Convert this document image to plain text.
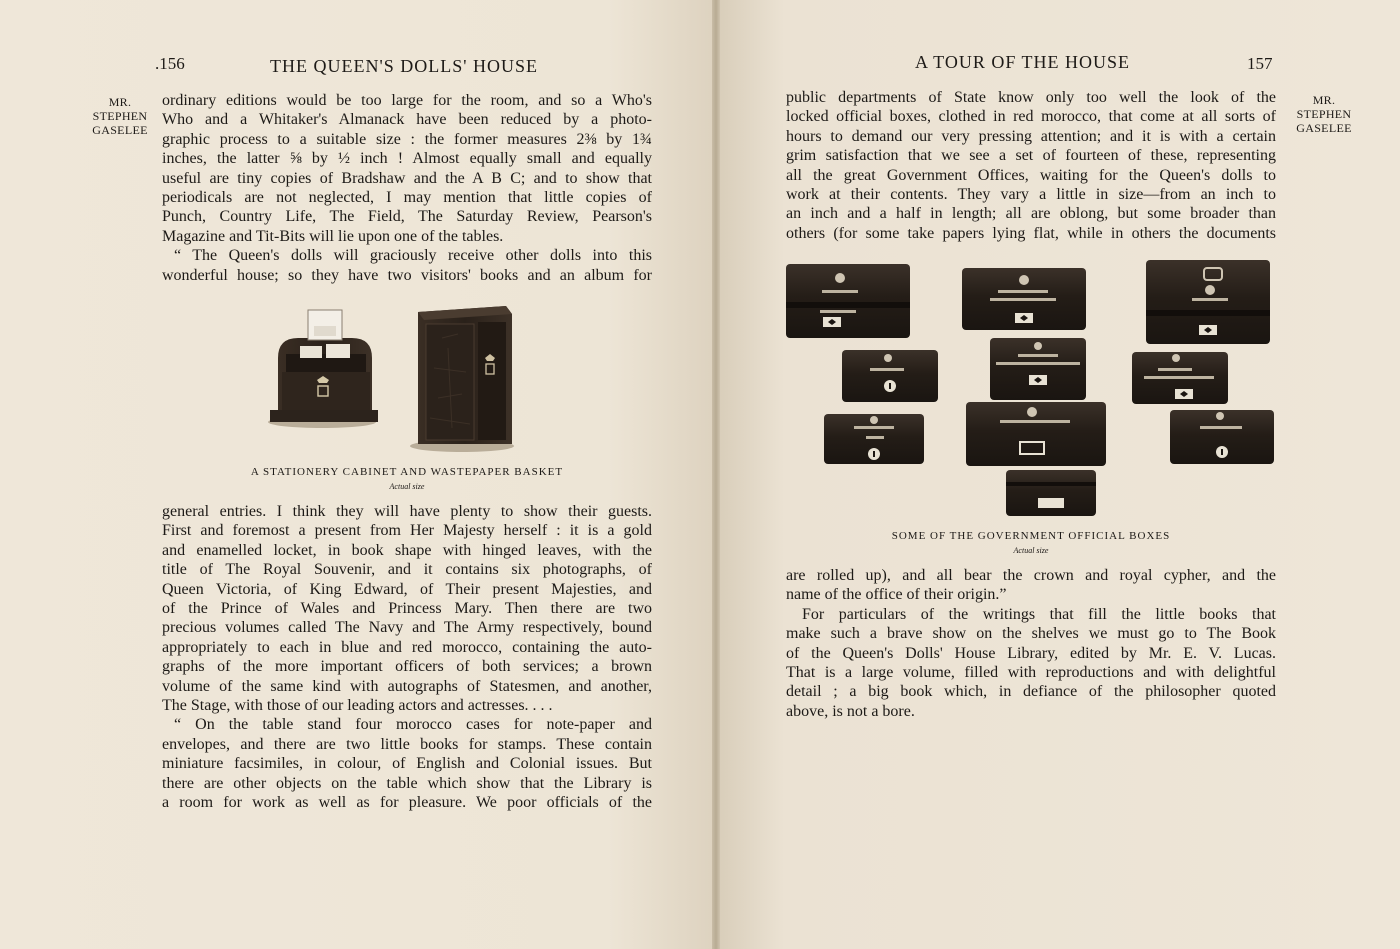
.156	THE QUEEN'S DOLLS' HOUSE
MR.
STEPHEN
GASELEE
ordinary editions would be too large for the room, and so a Who's
Who and a Whitaker's Almanack have been reduced by a photo-
graphic process to a suitable size : the former measures 2⅜ by 1¾
inches, the latter ⅝ by ½ inch ! Almost equally small and equally
useful are tiny copies of Bradshaw and the A B C; and to show that
periodicals are not neglected, I may mention that little copies of
Punch, Country Life, The Field, The Saturday Review, Pearson's
Magazine and Tit-Bits will lie upon one of the tables.
“ The Queen's dolls will graciously receive other dolls into this
wonderful house; so they have two visitors' books and an album for
A STATIONERY CABINET AND WASTEPAPER BASKET
Actual size
general entries. I think they will have plenty to show their guests.
First and foremost a present from Her Majesty herself : it is a gold
and enamelled locket, in book shape with hinged leaves, with the
title of The Royal Souvenir, and it contains six photographs, of
Queen Victoria, of King Edward, of Their present Majesties, and
of the Prince of Wales and Princess Mary. Then there are two
precious volumes called The Navy and The Army respectively, bound
appropriately to each in blue and red morocco, containing the auto-
graphs of the more important officers of both services; a brown
volume of the same kind with autographs of Statesmen, and another,
The Stage, with those of our leading actors and actresses. . . .
“ On the table stand four morocco cases for note-paper and
envelopes, and there are two little books for stamps. These contain
miniature facsimiles, in colour, of English and Colonial issues. But
there are other objects on the table which show that the Library is
a room for work as well as for pleasure. We poor officials of the
A TOUR OF THE HOUSE	157
MR.
STEPHEN
GASELEE
public departments of State know only too well the look of the
locked official boxes, clothed in red morocco, that come at all sorts of
hours to demand our very pressing attention; and it is with a certain
grim satisfaction that we see a set of fourteen of these, representing
all the great Government Offices, waiting for the Queen's dolls to
work at their contents. They vary a little in size—from an inch to
an inch and a half in length; all are oblong, but some broader than
others (for some take papers lying flat, while in others the documents
SOME OF THE GOVERNMENT OFFICIAL BOXES
Actual size
are rolled up), and all bear the crown and royal cypher, and the
name of the office of their origin.”
For particulars of the writings that fill the little books that
make such a brave show on the shelves we must go to The Book
of the Queen's Dolls' House Library, edited by Mr. E. V. Lucas.
That is a large volume, filled with reproductions and with delightful
detail ; a big book which, in defiance of the philosopher quoted
above, is not a bore.
